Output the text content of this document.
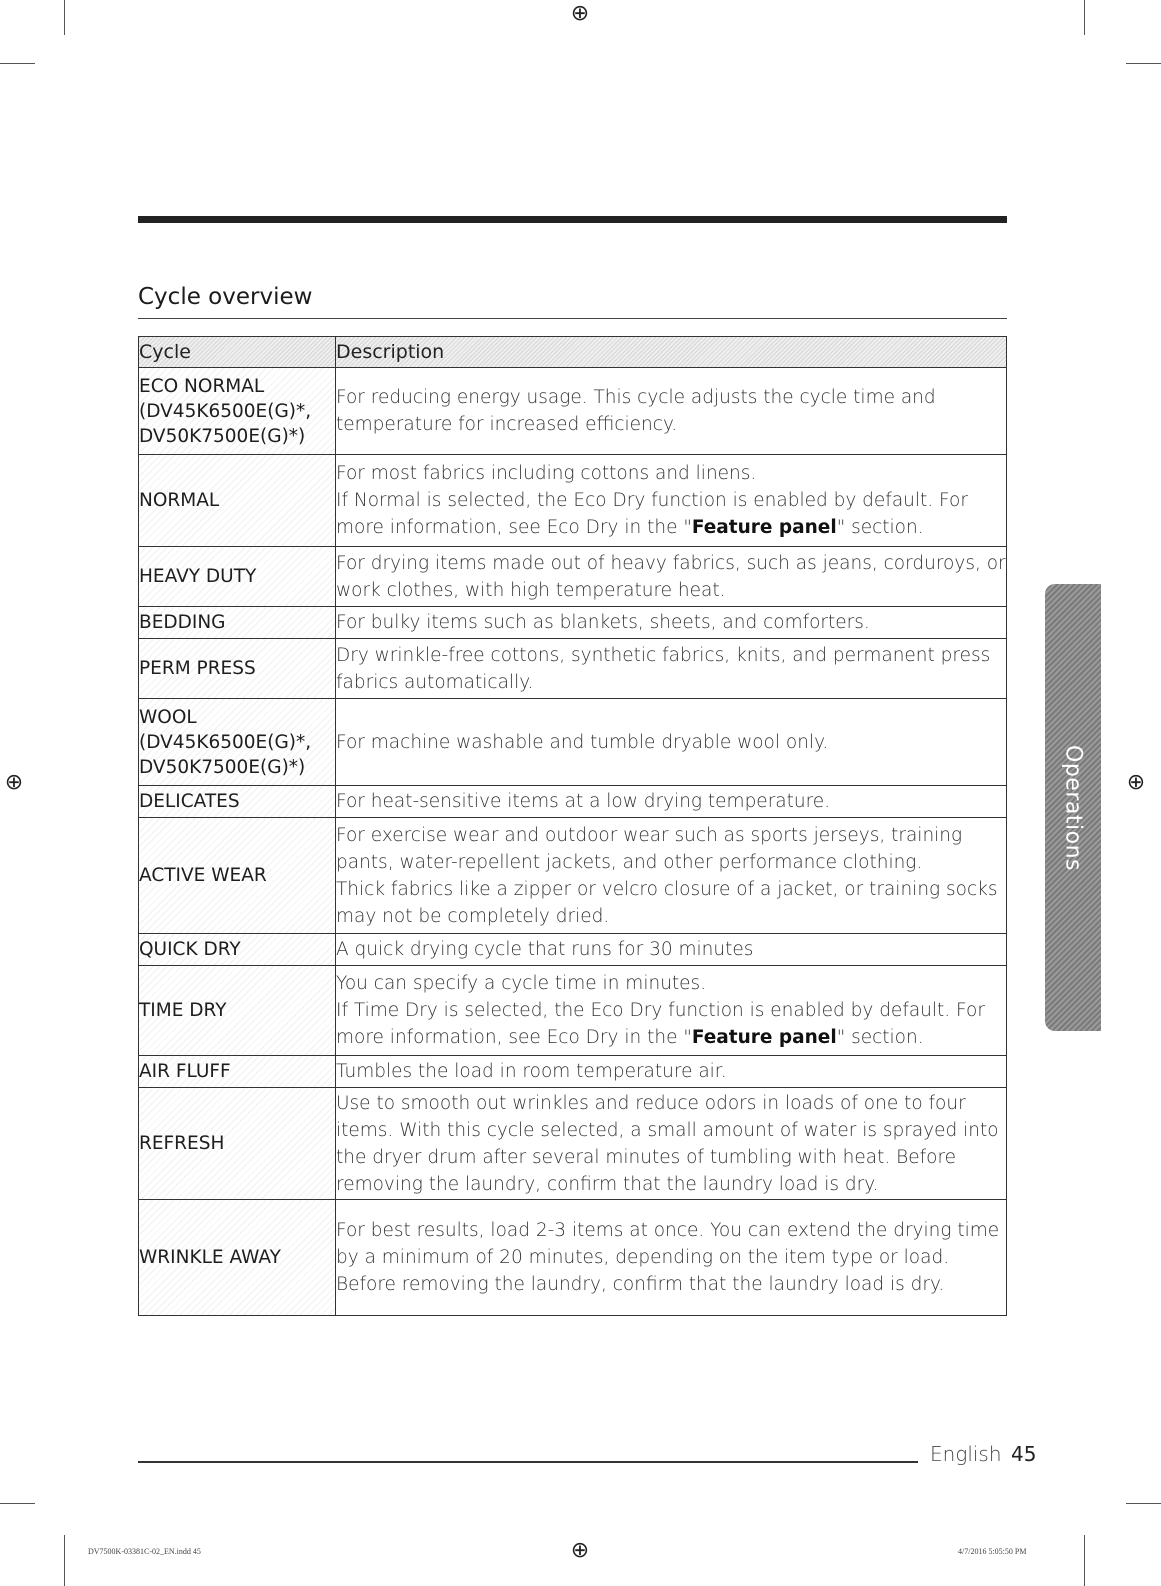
⊕
⊕	⊕
⊕
Cycle overview
Cycle	Description

ECO NORMAL
(DV45K6500E(G)*,
DV50K7500E(G)*)	For reducing energy usage. This cycle adjusts the cycle time and temperature for increased efficiency.

NORMAL	For most fabrics including cottons and linens.

If Normal is selected, the Eco Dry function is enabled by default. For more information, see Eco Dry in the "Feature panel" section.

HEAVY DUTY	For drying items made out of heavy fabrics, such as jeans, corduroys, or work clothes, with high temperature heat.

BEDDING	For bulky items such as blankets, sheets, and comforters.

PERM PRESS	Dry wrinkle-free cottons, synthetic fabrics, knits, and permanent press fabrics automatically.

WOOL
(DV45K6500E(G)*,
DV50K7500E(G)*)	For machine washable and tumble dryable wool only.

DELICATES	For heat-sensitive items at a low drying temperature.

ACTIVE WEAR	For exercise wear and outdoor wear such as sports jerseys, training pants, water-repellent jackets, and other performance clothing.

Thick fabrics like a zipper or velcro closure of a jacket, or training socks may not be completely dried.

QUICK DRY	A quick drying cycle that runs for 30 minutes

TIME DRY	You can specify a cycle time in minutes.

If Time Dry is selected, the Eco Dry function is enabled by default. For more information, see Eco Dry in the "Feature panel" section.

AIR FLUFF	Tumbles the load in room temperature air.

REFRESH	Use to smooth out wrinkles and reduce odors in loads of one to four items. With this cycle selected, a small amount of water is sprayed into the dryer drum after several minutes of tumbling with heat. Before removing the laundry, confirm that the laundry load is dry.

WRINKLE AWAY	For best results, load 2-3 items at once. You can extend the drying time by a minimum of 20 minutes, depending on the item type or load. Before removing the laundry, confirm that the laundry load is dry.

Operations
English 45
DV7500K-03381C-02_EN.indd 45	4/7/2016 5:05:50 PM
